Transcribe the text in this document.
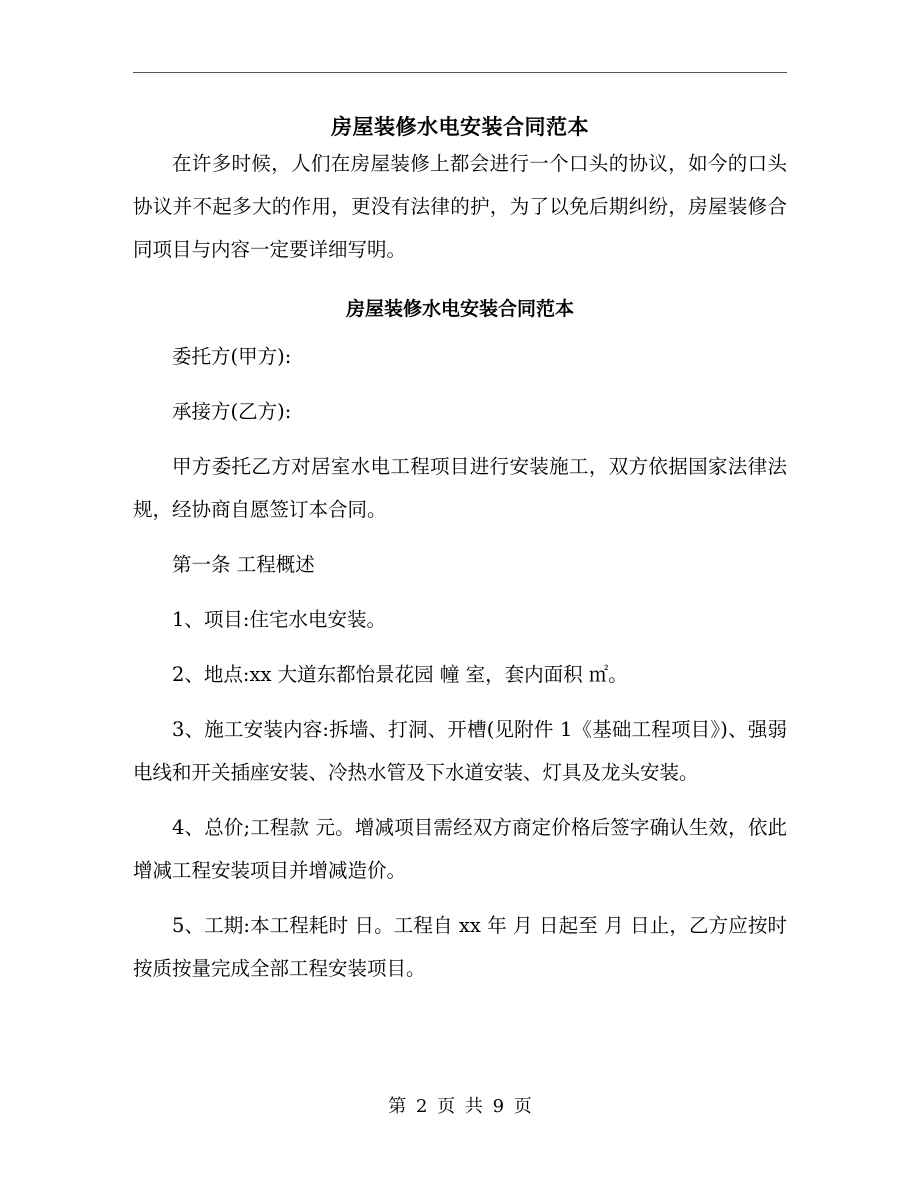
房屋装修水电安装合同范本

在许多时候，人们在房屋装修上都会进行一个口头的协议，如今的口头协议并不起多大的作用，更没有法律的护，为了以免后期纠纷，房屋装修合同项目与内容一定要详细写明。

房屋装修水电安装合同范本

委托方(甲方):

承接方(乙方):

甲方委托乙方对居室水电工程项目进行安装施工，双方依据国家法律法规，经协商自愿签订本合同。

第一条 工程概述

1、项目:住宅水电安装。

2、地点:xx 大道东都怡景花园 幢 室，套内面积 ㎡。

3、施工安装内容:拆墙、打洞、开槽(见附件 1《基础工程项目》)、强弱电线和开关插座安装、冷热水管及下水道安装、灯具及龙头安装。

4、总价;工程款 元。增减项目需经双方商定价格后签字确认生效，依此增减工程安装项目并增减造价。

5、工期:本工程耗时 日。工程自 xx 年 月 日起至 月 日止，乙方应按时按质按量完成全部工程安装项目。

第 2 页 共 9 页
